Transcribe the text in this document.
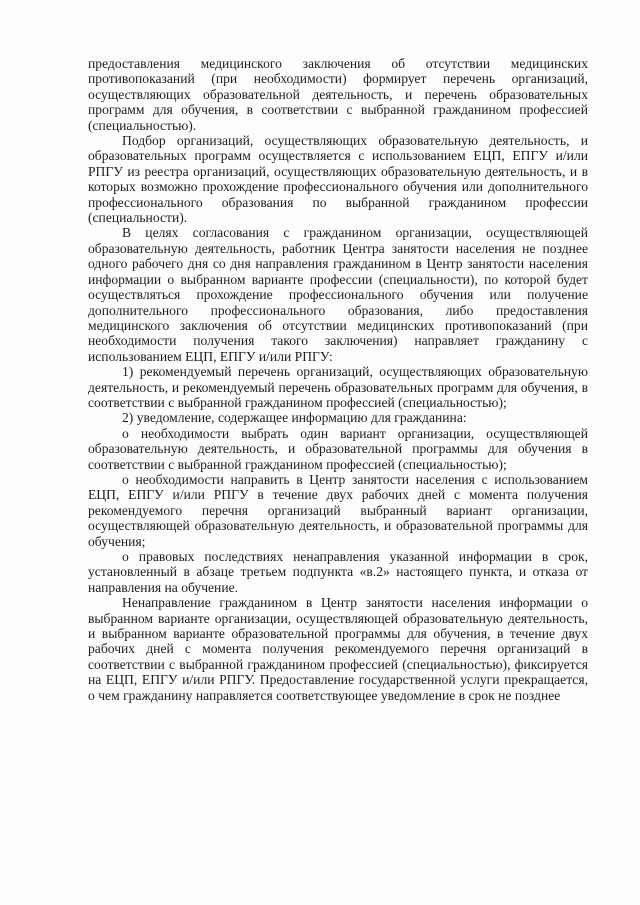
предоставления медицинского заключения об отсутствии медицинских противопоказаний (при необходимости) формирует перечень организаций, осуществляющих образовательной деятельность, и перечень образовательных программ для обучения, в соответствии с выбранной гражданином профессией (специальностью).

Подбор организаций, осуществляющих образовательную деятельность, и образовательных программ осуществляется с использованием ЕЦП, ЕПГУ и/или РПГУ из реестра организаций, осуществляющих образовательную деятельность, и в которых возможно прохождение профессионального обучения или дополнительного профессионального образования по выбранной гражданином профессии (специальности).

В целях согласования с гражданином организации, осуществляющей образовательную деятельность, работник Центра занятости населения не позднее одного рабочего дня со дня направления гражданином в Центр занятости населения информации о выбранном варианте профессии (специальности), по которой будет осуществляться прохождение профессионального обучения или получение дополнительного профессионального образования, либо предоставления медицинского заключения об отсутствии медицинских противопоказаний (при необходимости получения такого заключения) направляет гражданину с использованием ЕЦП, ЕПГУ и/или РПГУ:

1) рекомендуемый перечень организаций, осуществляющих образовательную деятельность, и рекомендуемый перечень образовательных программ для обучения, в соответствии с выбранной гражданином профессией (специальностью);

2) уведомление, содержащее информацию для гражданина:

о необходимости выбрать один вариант организации, осуществляющей образовательную деятельность, и образовательной программы для обучения в соответствии с выбранной гражданином профессией (специальностью);

о необходимости направить в Центр занятости населения с использованием ЕЦП, ЕПГУ и/или РПГУ в течение двух рабочих дней с момента получения рекомендуемого перечня организаций выбранный вариант организации, осуществляющей образовательную деятельность, и образовательной программы для обучения;

о правовых последствиях ненаправления указанной информации в срок, установленный в абзаце третьем подпункта «в.2» настоящего пункта, и отказа от направления на обучение.

Ненаправление гражданином в Центр занятости населения информации о выбранном варианте организации, осуществляющей образовательную деятельность, и выбранном варианте образовательной программы для обучения, в течение двух рабочих дней с момента получения рекомендуемого перечня организаций в соответствии с выбранной гражданином профессией (специальностью), фиксируется на ЕЦП, ЕПГУ и/или РПГУ. Предоставление государственной услуги прекращается, о чем гражданину направляется соответствующее уведомление в срок не позднее
